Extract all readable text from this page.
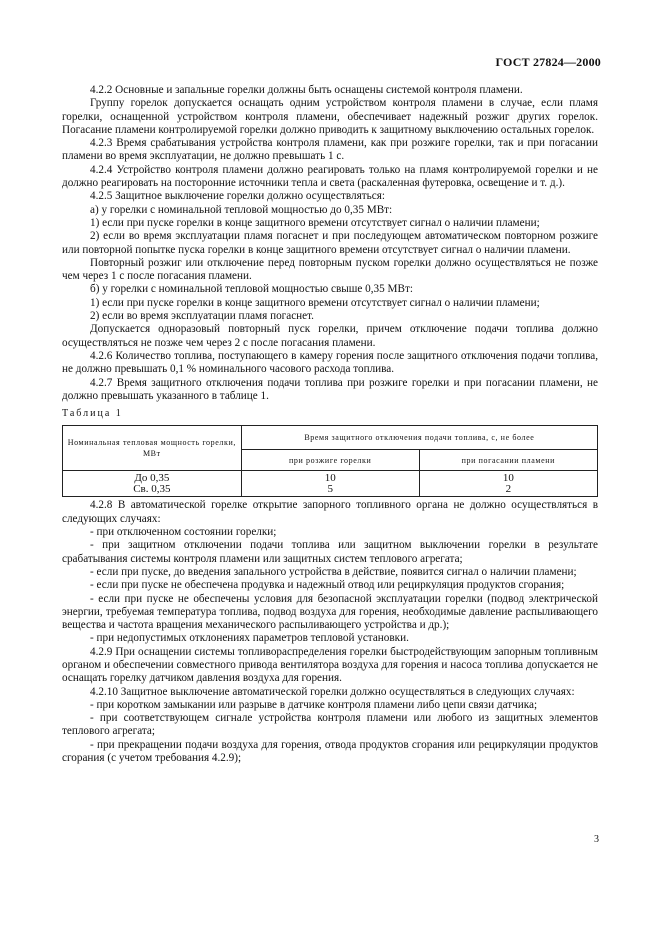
ГОСТ 27824—2000

4.2.2 Основные и запальные горелки должны быть оснащены системой контроля пламени.

Группу горелок допускается оснащать одним устройством контроля пламени в случае, если пламя горелки, оснащенной устройством контроля пламени, обеспечивает надежный розжиг других горелок. Погасание пламени контролируемой горелки должно приводить к защитному выключению остальных горелок.

4.2.3 Время срабатывания устройства контроля пламени, как при розжиге горелки, так и при погасании пламени во время эксплуатации, не должно превышать 1 с.

4.2.4 Устройство контроля пламени должно реагировать только на пламя контролируемой горелки и не должно реагировать на посторонние источники тепла и света (раскаленная футеровка, освещение и т. д.).

4.2.5 Защитное выключение горелки должно осуществляться:

а) у горелки с номинальной тепловой мощностью до 0,35 МВт:

1) если при пуске горелки в конце защитного времени отсутствует сигнал о наличии пламени;

2) если во время эксплуатации пламя погаснет и при последующем автоматическом повторном розжиге или повторной попытке пуска горелки в конце защитного времени отсутствует сигнал о наличии пламени.

Повторный розжиг или отключение перед повторным пуском горелки должно осуществляться не позже чем через 1 с после погасания пламени.

б) у горелки с номинальной тепловой мощностью свыше 0,35 МВт:

1) если при пуске горелки в конце защитного времени отсутствует сигнал о наличии пламени;

2) если во время эксплуатации пламя погаснет.

Допускается одноразовый повторный пуск горелки, причем отключение подачи топлива должно осуществляться не позже чем через 2 с после погасания пламени.

4.2.6 Количество топлива, поступающего в камеру горения после защитного отключения подачи топлива, не должно превышать 0,1 % номинального часового расхода топлива.

4.2.7 Время защитного отключения подачи топлива при розжиге горелки и при погасании пламени, не должно превышать указанного в таблице 1.

Таблица 1

Номинальная тепловая мощность горелки, МВт	Время защитного отключения подачи топлива, с, не более	
	при розжиге горелки	при погасании пламени
До 0,35	10	10
Св. 0,35	5	2

4.2.8 В автоматической горелке открытие запорного топливного органа не должно осуществляться в следующих случаях:

- при отключенном состоянии горелки;

- при защитном отключении подачи топлива или защитном выключении горелки в результате срабатывания системы контроля пламени или защитных систем теплового агрегата;

- если при пуске, до введения запального устройства в действие, появится сигнал о наличии пламени;

- если при пуске не обеспечена продувка и надежный отвод или рециркуляция продуктов сгорания;

- если при пуске не обеспечены условия для безопасной эксплуатации горелки (подвод электрической энергии, требуемая температура топлива, подвод воздуха для горения, необходимые давление распыливающего вещества и частота вращения механического распыливающего устройства и др.);

- при недопустимых отклонениях параметров тепловой установки.

4.2.9 При оснащении системы топливораспределения горелки быстродействующим запорным топливным органом и обеспечении совместного привода вентилятора воздуха для горения и насоса топлива допускается не оснащать горелку датчиком давления воздуха для горения.

4.2.10 Защитное выключение автоматической горелки должно осуществляться в следующих случаях:

- при коротком замыкании или разрыве в датчике контроля пламени либо цепи связи датчика;

- при соответствующем сигнале устройства контроля пламени или любого из защитных элементов теплового агрегата;

- при прекращении подачи воздуха для горения, отвода продуктов сгорания или рециркуляции продуктов сгорания (с учетом требования 4.2.9);

3
